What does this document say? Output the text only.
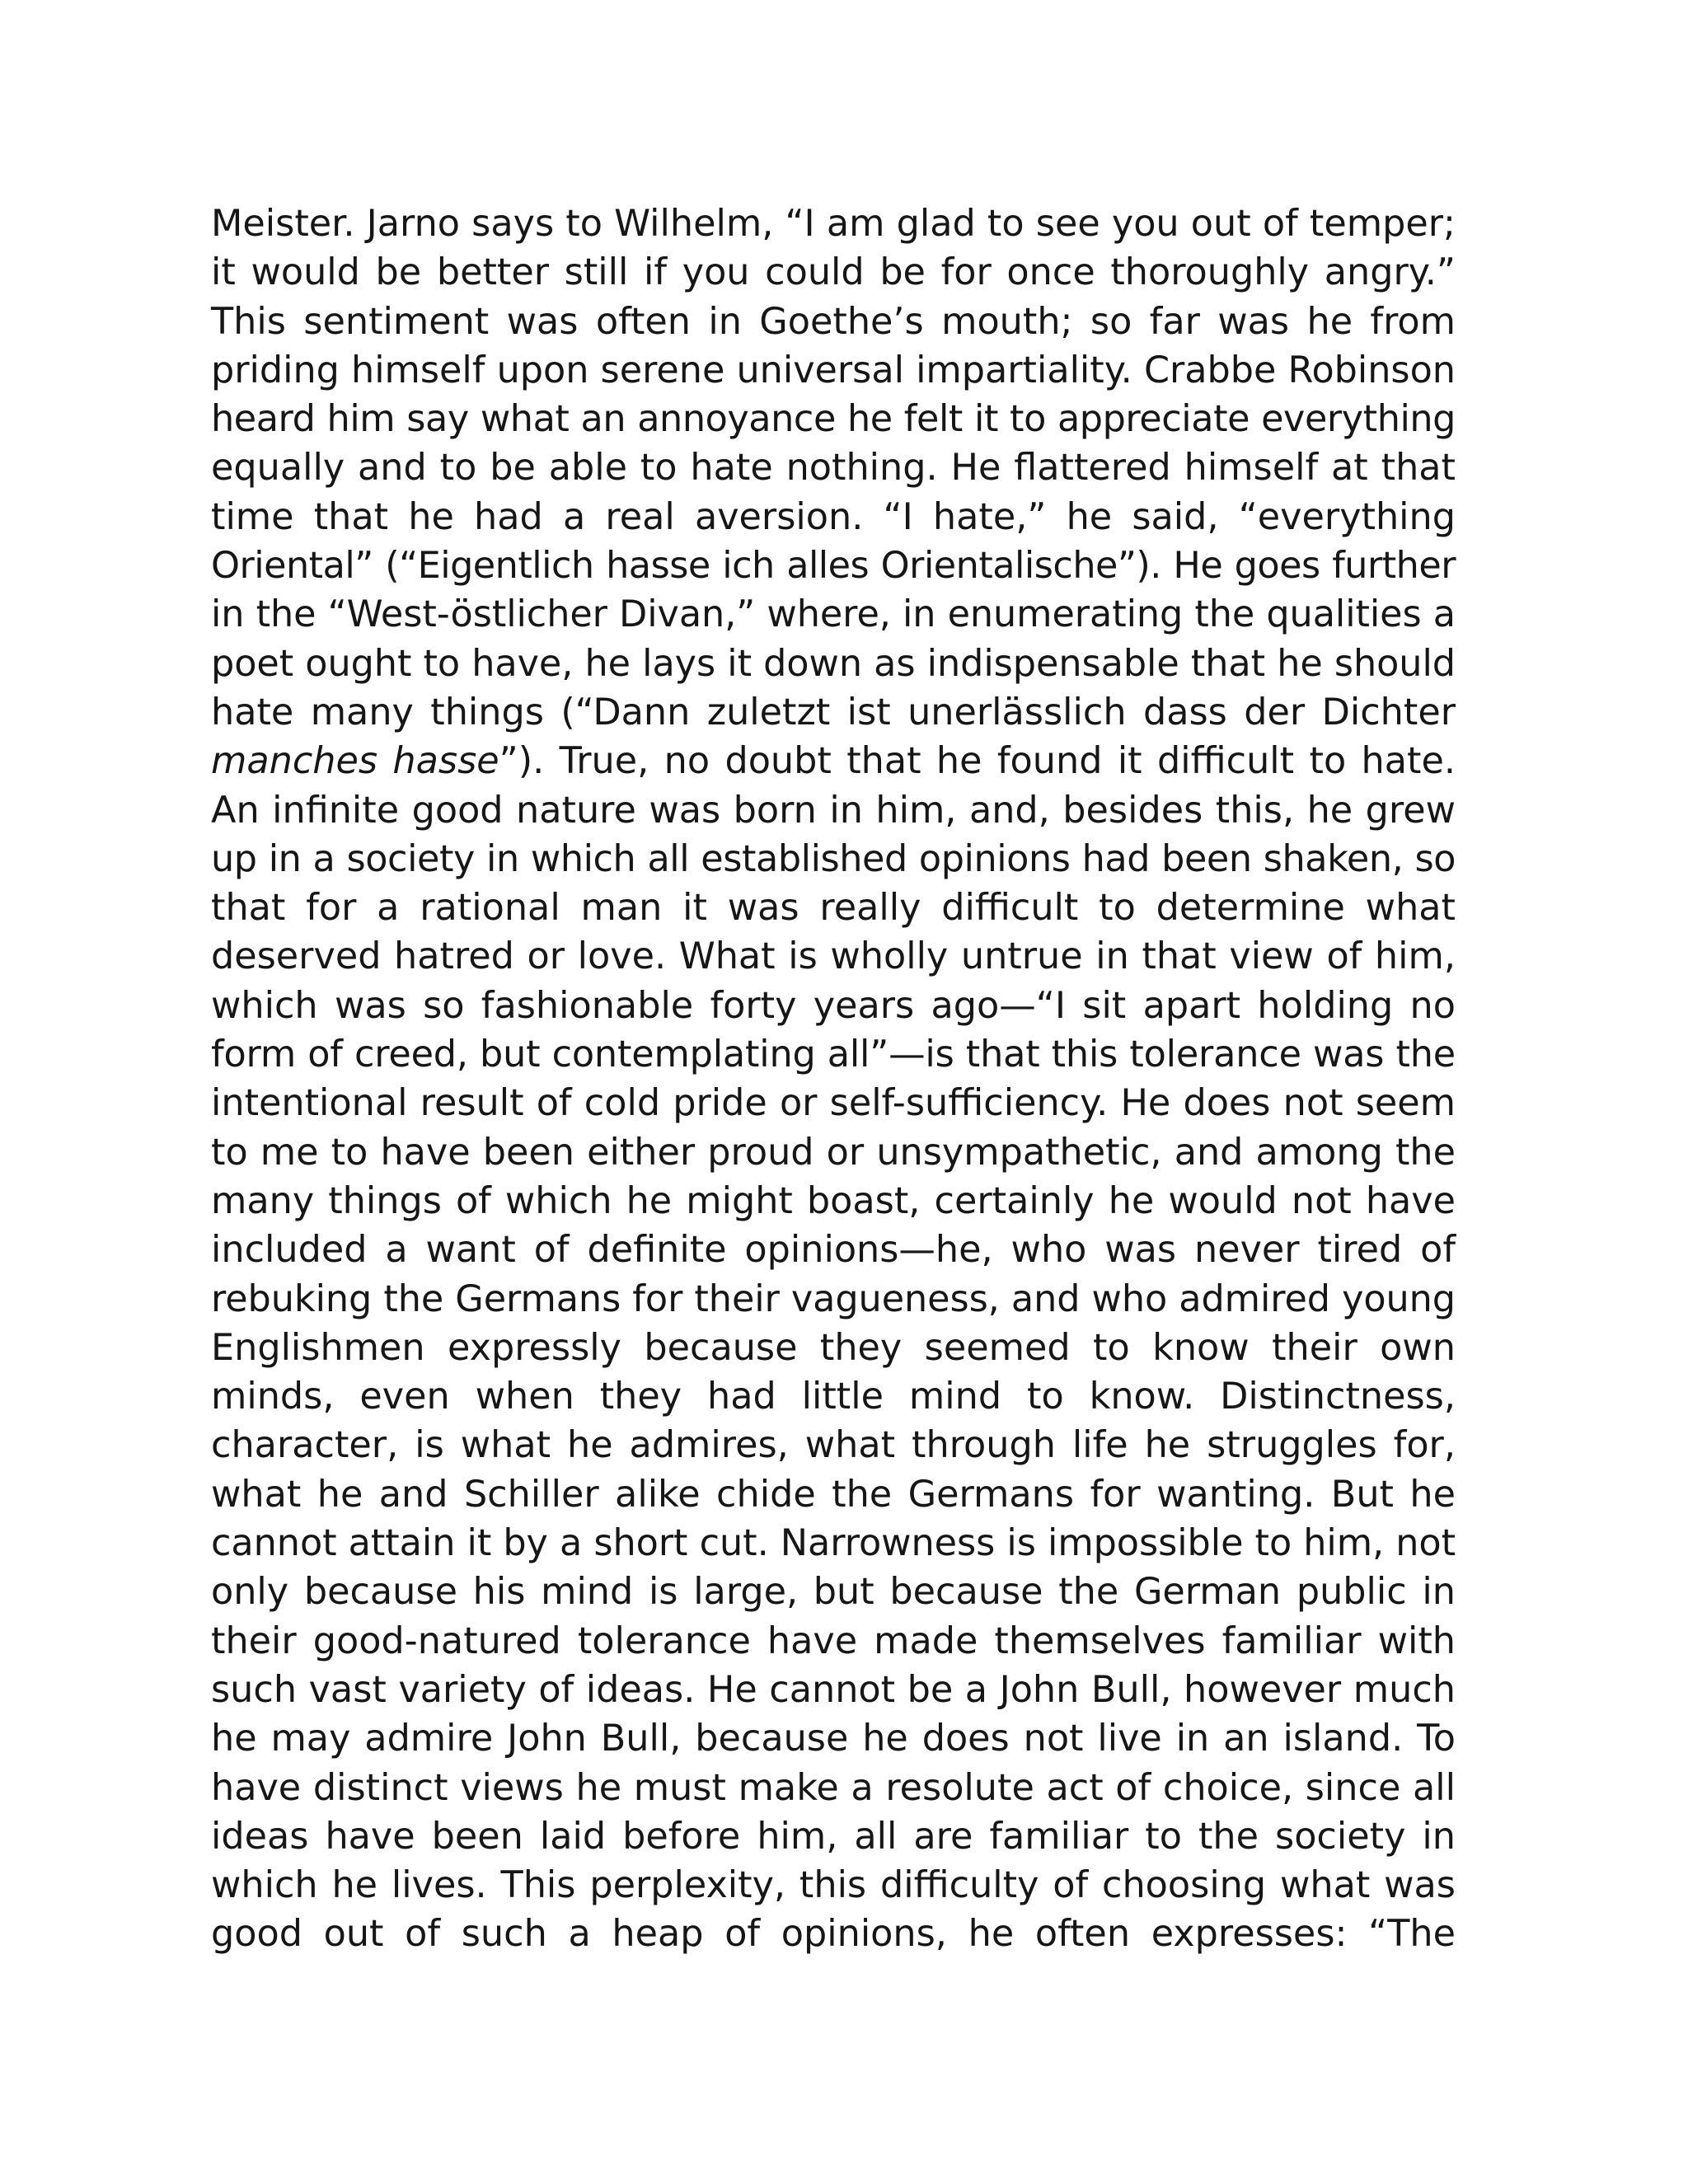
Meister. Jarno says to Wilhelm, “I am glad to see you out of temper;
it would be better still if you could be for once thoroughly angry.”
This sentiment was often in Goethe’s mouth; so far was he from
priding himself upon serene universal impartiality. Crabbe Robinson
heard him say what an annoyance he felt it to appreciate everything
equally and to be able to hate nothing. He flattered himself at that
time that he had a real aversion. “I hate,” he said, “everything
Oriental” (“Eigentlich hasse ich alles Orientalische”). He goes further
in the “West-östlicher Divan,” where, in enumerating the qualities a
poet ought to have, he lays it down as indispensable that he should
hate many things (“Dann zuletzt ist unerlässlich dass der Dichter
manches hasse”). True, no doubt that he found it difficult to hate.
An infinite good nature was born in him, and, besides this, he grew
up in a society in which all established opinions had been shaken, so
that for a rational man it was really difficult to determine what
deserved hatred or love. What is wholly untrue in that view of him,
which was so fashionable forty years ago—“I sit apart holding no
form of creed, but contemplating all”—is that this tolerance was the
intentional result of cold pride or self-sufficiency. He does not seem
to me to have been either proud or unsympathetic, and among the
many things of which he might boast, certainly he would not have
included a want of definite opinions—he, who was never tired of
rebuking the Germans for their vagueness, and who admired young
Englishmen expressly because they seemed to know their own
minds, even when they had little mind to know. Distinctness,
character, is what he admires, what through life he struggles for,
what he and Schiller alike chide the Germans for wanting. But he
cannot attain it by a short cut. Narrowness is impossible to him, not
only because his mind is large, but because the German public in
their good-natured tolerance have made themselves familiar with
such vast variety of ideas. He cannot be a John Bull, however much
he may admire John Bull, because he does not live in an island. To
have distinct views he must make a resolute act of choice, since all
ideas have been laid before him, all are familiar to the society in
which he lives. This perplexity, this difficulty of choosing what was
good out of such a heap of opinions, he often expresses: “The
